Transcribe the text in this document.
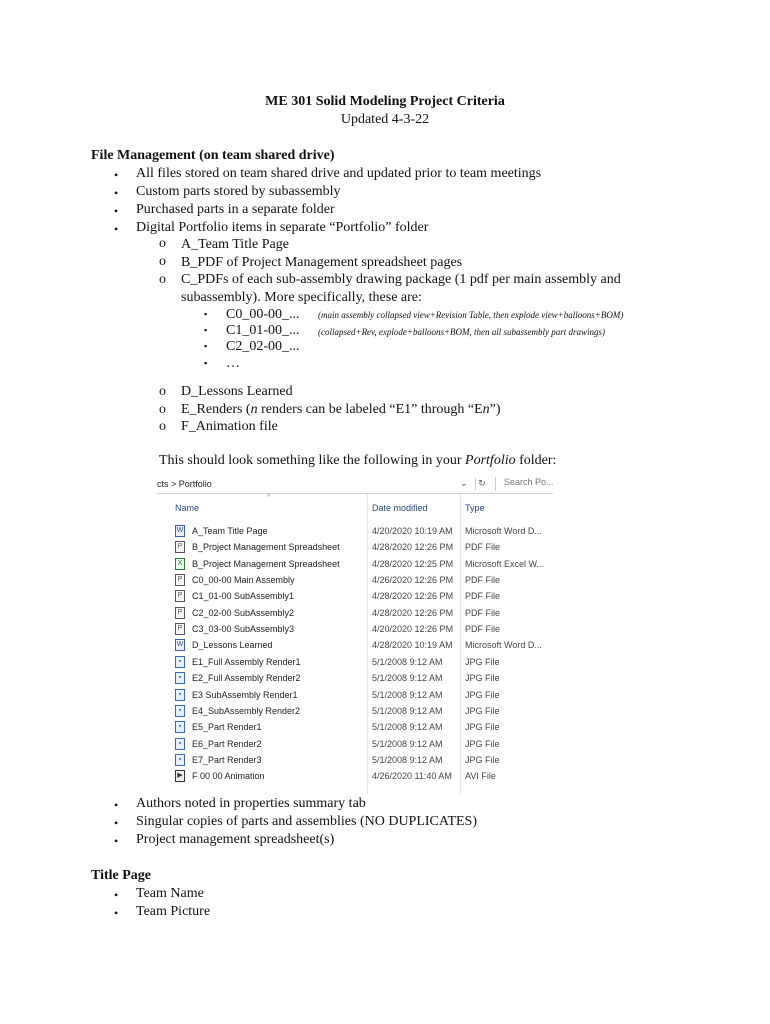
ME 301 Solid Modeling Project Criteria
Updated 4-3-22
File Management (on team shared drive)
• All files stored on team shared drive and updated prior to team meetings
• Custom parts stored by subassembly
• Purchased parts in a separate folder
• Digital Portfolio items in separate “Portfolio” folder
o A_Team Title Page
o B_PDF of Project Management spreadsheet pages
o C_PDFs of each sub-assembly drawing package (1 pdf per main assembly and
subassembly). More specifically, these are:
▪ C0_00-00_... (main assembly collapsed view+Revision Table, then explode view+balloons+BOM)
▪ C1_01-00_... (collapsed+Rev, explode+balloons+BOM, then all subassembly part drawings)
▪ C2_02-00_...
▪ …
o D_Lessons Learned
o E_Renders (n renders can be labeled “E1” through “En”)
o F_Animation file
This should look something like the following in your Portfolio folder:
cts > Portfolio	⌄	↻	Search Po...
^
Name	Date modified	Type
W A_Team Title Page	4/20/2020 10:19 AM Microsoft Word D...
P B_Project Management Spreadsheet	4/28/2020 12:26 PM PDF File
X B_Project Management Spreadsheet	4/28/2020 12:25 PM Microsoft Excel W...
P C0_00-00 Main Assembly	4/26/2020 12:26 PM PDF File
P C1_01-00 SubAssembly1	4/28/2020 12:26 PM PDF File
P C2_02-00 SubAssembly2	4/28/2020 12:26 PM PDF File
P C3_03-00 SubAssembly3	4/20/2020 12:26 PM PDF File
W D_Lessons Learned	4/28/2020 10:19 AM Microsoft Word D...
▪	E1_Full Assembly Render1	5/1/2008 9:12 AM JPG File
▪	E2_Full Assembly Render2	5/1/2008 9:12 AM JPG File
▪	E3 SubAssembly Render1	5/1/2008 9:12 AM JPG File
▪	E4_SubAssembly Render2	5/1/2008 9:12 AM JPG File
▪	E5_Part Render1	5/1/2008 9:12 AM JPG File
▪	E6_Part Render2	5/1/2008 9:12 AM JPG File
▪	E7_Part Render3	5/1/2008 9:12 AM JPG File
▶ F 00 00 Animation	4/26/2020 11:40 AM AVI File
• Authors noted in properties summary tab
• Singular copies of parts and assemblies (NO DUPLICATES)
• Project management spreadsheet(s)
Title Page
• Team Name
• Team Picture
